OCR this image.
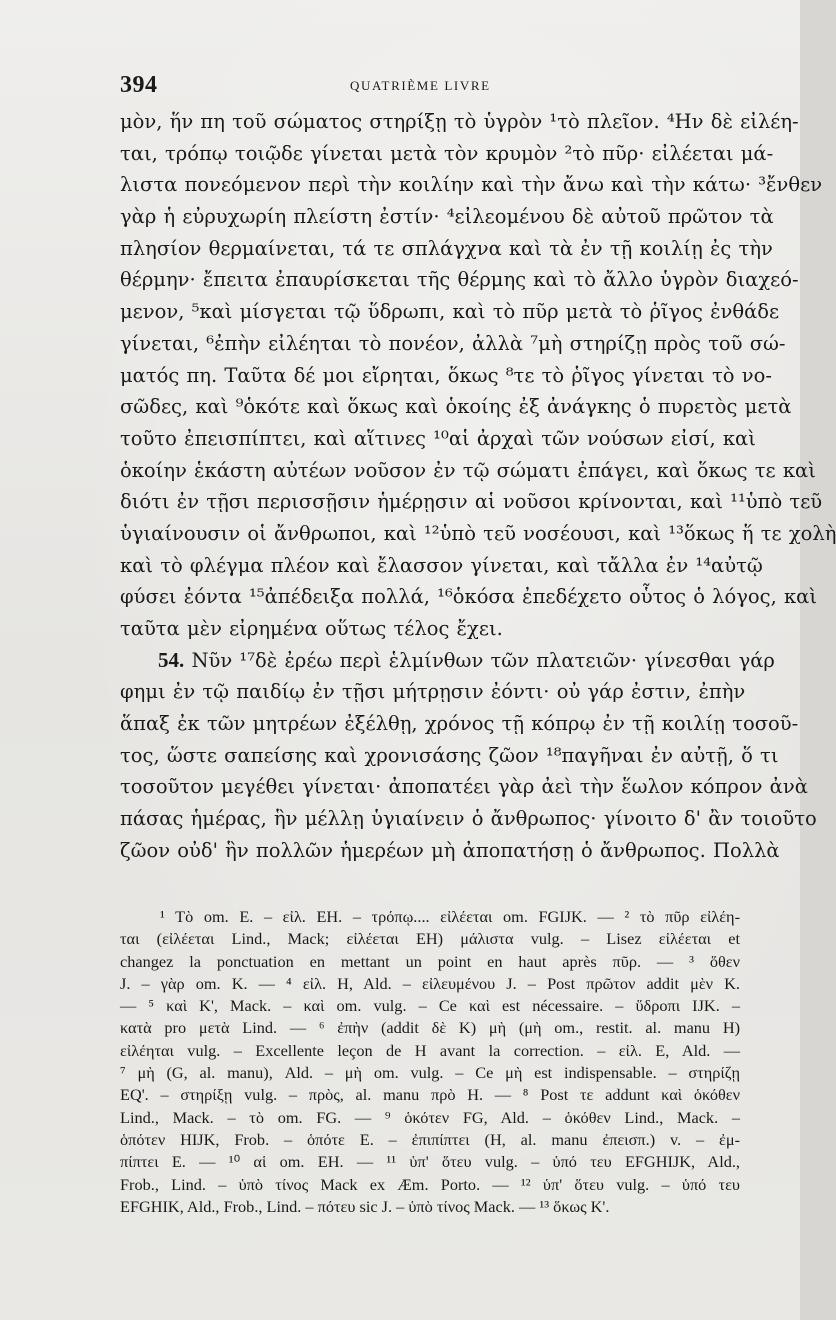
394	QUATRIÈME LIVRE
μὸν, ἥν πη τοῦ σώματος στηρίξῃ τὸ ὑγρὸν ¹τὸ πλεῖον. ⁴Ην δὲ εἰλέη-
ται, τρόπῳ τοιῷδε γίνεται μετὰ τὸν κρυμὸν ²τὸ πῦρ· εἰλέεται μά-
λιστα πονεόμενον περὶ τὴν κοιλίην καὶ τὴν ἄνω καὶ τὴν κάτω· ³ἔνθεν
γὰρ ἡ εὐρυχωρίη πλείστη ἐστίν· ⁴εἰλεομένου δὲ αὐτοῦ πρῶτον τὰ
πλησίον θερμαίνεται, τά τε σπλάγχνα καὶ τὰ ἐν τῇ κοιλίῃ ἐς τὴν
θέρμην· ἔπειτα ἐπαυρίσκεται τῆς θέρμης καὶ τὸ ἄλλο ὑγρὸν διαχεό-
μενον, ⁵καὶ μίσγεται τῷ ὕδρωπι, καὶ τὸ πῦρ μετὰ τὸ ῥῖγος ἐνθάδε
γίνεται, ⁶ἐπὴν εἰλέηται τὸ πονέον, ἀλλὰ ⁷μὴ στηρίζῃ πρὸς τοῦ σώ-
ματός πη. Ταῦτα δέ μοι εἴρηται, ὅκως ⁸τε τὸ ῥῖγος γίνεται τὸ νο-
σῶδες, καὶ ⁹ὁκότε καὶ ὅκως καὶ ὁκοίης ἐξ ἀνάγκης ὁ πυρετὸς μετὰ
τοῦτο ἐπεισπίπτει, καὶ αἵτινες ¹⁰αἱ ἀρχαὶ τῶν νούσων εἰσί, καὶ
ὁκοίην ἑκάστη αὐτέων νοῦσον ἐν τῷ σώματι ἐπάγει, καὶ ὅκως τε καὶ
διότι ἐν τῇσι περισσῇσιν ἡμέρῃσιν αἱ νοῦσοι κρίνονται, καὶ ¹¹ὑπὸ τεῦ
ὑγιαίνουσιν οἱ ἄνθρωποι, καὶ ¹²ὑπὸ τεῦ νοσέουσι, καὶ ¹³ὅκως ἥ τε χολὴ
καὶ τὸ φλέγμα πλέον καὶ ἔλασσον γίνεται, καὶ τἄλλα ἐν ¹⁴αὐτῷ
φύσει ἐόντα ¹⁵ἀπέδειξα πολλά, ¹⁶ὁκόσα ἐπεδέχετο οὗτος ὁ λόγος, καὶ
ταῦτα μὲν εἰρημένα οὕτως τέλος ἔχει.
54. Νῦν ¹⁷δὲ ἐρέω περὶ ἑλμίνθων τῶν πλατειῶν· γίνεσθαι γάρ
φημι ἐν τῷ παιδίῳ ἐν τῇσι μήτρῃσιν ἐόντι· οὐ γάρ ἐστιν, ἐπὴν
ἅπαξ ἐκ τῶν μητρέων ἐξέλθῃ, χρόνος τῇ κόπρῳ ἐν τῇ κοιλίῃ τοσοῦ-
τος, ὥστε σαπείσης καὶ χρονισάσης ζῶον ¹⁸παγῆναι ἐν αὐτῇ, ὅ τι
τοσοῦτον μεγέθει γίνεται· ἀποπατέει γὰρ ἀεὶ τὴν ἕωλον κόπρον ἀνὰ
πάσας ἡμέρας, ἣν μέλλῃ ὑγιαίνειν ὁ ἄνθρωπος· γίνοιτο δ' ἂν τοιοῦτο
ζῶον οὐδ' ἣν πολλῶν ἡμερέων μὴ ἀποπατήσῃ ὁ ἄνθρωπος. Πολλὰ
¹ Τὸ om. E. – εἰλ. EH. – τρόπῳ.... εἰλέεται om. FGIJK. — ² τὸ πῦρ εἰλέη-
ται (εἰλέεται Lind., Mack; εἰλέεται EH) μάλιστα vulg. – Lisez εἰλέεται et
changez la ponctuation en mettant un point en haut après πῦρ. — ³ ὅθεν
J. – γὰρ om. K. — ⁴ εἰλ. H, Ald. – εἰλευμένου J. – Post πρῶτον addit μὲν K.
— ⁵ καὶ K', Mack. – καὶ om. vulg. – Ce καὶ est nécessaire. – ὕδροπι IJK. –
κατὰ pro μετὰ Lind. — ⁶ ἐπὴν (addit δὲ K) μὴ (μὴ om., restit. al. manu H)
εἰλέηται vulg. – Excellente leçon de H avant la correction. – εἰλ. E, Ald. —
⁷ μὴ (G, al. manu), Ald. – μὴ om. vulg. – Ce μὴ est indispensable. – στηρίζῃ
EQ'. – στηρίξῃ vulg. – πρὸς, al. manu πρὸ H. — ⁸ Post τε addunt καὶ ὁκόθεν
Lind., Mack. – τὸ om. FG. — ⁹ ὁκότεν FG, Ald. – ὁκόθεν Lind., Mack. –
ὁπότεν HIJK, Frob. – ὁπότε E. – ἐπιπίπτει (H, al. manu ἐπεισπ.) v. – ἐμ-
πίπτει E. — ¹⁰ αἱ om. EH. — ¹¹ ὑπ' ὅτευ vulg. – ὑπό τευ EFGHIJK, Ald.,
Frob., Lind. – ὑπὸ τίνος Mack ex Æm. Porto. — ¹² ὑπ' ὅτευ vulg. – ὑπό τευ
EFGHIK, Ald., Frob., Lind. – πότευ sic J. – ὑπὸ τίνος Mack. — ¹³ ὅκως K'.
